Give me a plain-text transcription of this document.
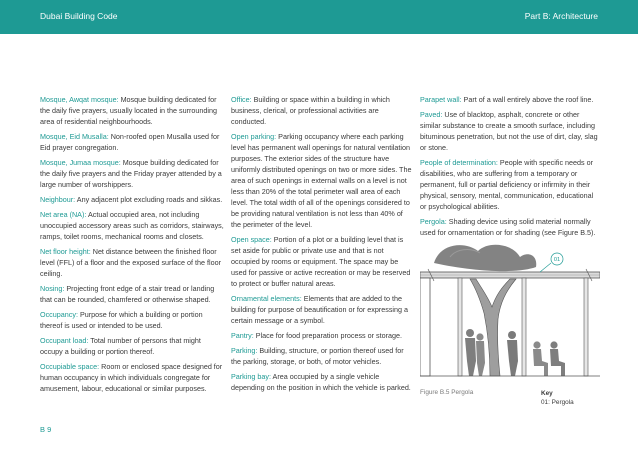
Dubai Building Code	Part B: Architecture

Mosque, Awqat mosque: Mosque building dedicated for the daily five prayers, usually located in the surrounding area of residential neighbourhoods.

Mosque, Eid Musalla: Non-roofed open Musalla used for Eid prayer congregation.

Mosque, Jumaa mosque: Mosque building dedicated for the daily five prayers and the Friday prayer attended by a large number of worshippers.

Neighbour: Any adjacent plot excluding roads and sikkas.

Net area (NA): Actual occupied area, not including unoccupied accessory areas such as corridors, stairways, ramps, toilet rooms, mechanical rooms and closets.

Net floor height: Net distance between the finished floor level (FFL) of a floor and the exposed surface of the floor ceiling.

Nosing: Projecting front edge of a stair tread or landing that can be rounded, chamfered or otherwise shaped.

Occupancy: Purpose for which a building or portion thereof is used or intended to be used.

Occupant load: Total number of persons that might occupy a building or portion thereof.

Occupiable space: Room or enclosed space designed for human occupancy in which individuals congregate for amusement, labour, educational or similar purposes.

Office: Building or space within a building in which business, clerical, or professional activities are conducted.

Open parking: Parking occupancy where each parking level has permanent wall openings for natural ventilation purposes. The exterior sides of the structure have uniformly distributed openings on two or more sides. The area of such openings in external walls on a level is not less than 20% of the total perimeter wall area of each level. The total width of all of the openings considered to be providing natural ventilation is not less than 40% of the perimeter of the level.

Open space: Portion of a plot or a building level that is set aside for public or private use and that is not occupied by rooms or equipment. The space may be used for passive or active recreation or may be reserved to protect or buffer natural areas.

Ornamental elements: Elements that are added to the building for purpose of beautification or for expressing a certain message or a symbol.

Pantry: Place for food preparation process or storage.

Parking: Building, structure, or portion thereof used for the parking, storage, or both, of motor vehicles.

Parking bay: Area occupied by a single vehicle depending on the position in which the vehicle is parked.

Parapet wall: Part of a wall entirely above the roof line.

Paved: Use of blacktop, asphalt, concrete or other similar substance to create a smooth surface, including bituminous penetration, but not the use of dirt, clay, slag or stone.

People of determination: People with specific needs or disabilities, who are suffering from a temporary or permanent, full or partial deficiency or infirmity in their physical, sensory, mental, communication, educational or psychological abilities.

Pergola: Shading device using solid material normally used for ornamentation or for shading (see Figure B.5).

01
Figure B.5 Pergola	Key
01: Pergola
B 9
